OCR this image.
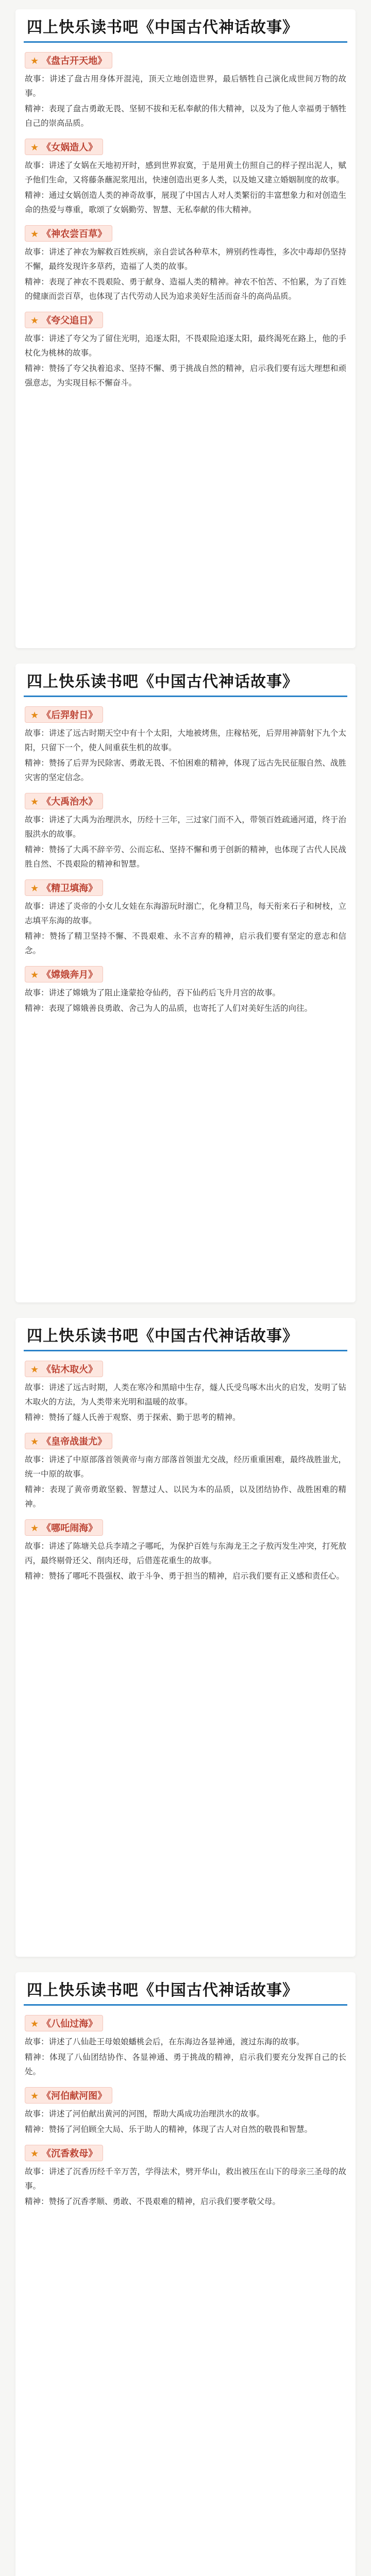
四上快乐读书吧《中国古代神话故事》
★ 《盘古开天地》
故事：讲述了盘古用身体开混沌，顶天立地创造世界，最后牺牲自己演化成世间万物的故事。
精神：表现了盘古勇敢无畏、坚韧不拔和无私奉献的伟大精神，以及为了他人幸福勇于牺牲自己的崇高品质。
★ 《女娲造人》
故事：讲述了女娲在天地初开时，感到世界寂寞，于是用黄土仿照自己的样子捏出泥人，赋予他们生命，又将藤条蘸泥浆甩出，快速创造出更多人类，以及她又建立婚姻制度的故事。
精神：通过女娲创造人类的神奇故事，展现了中国古人对人类繁衍的丰富想象力和对创造生命的热爱与尊重，歌颂了女娲勤劳、智慧、无私奉献的伟大精神。
★ 《神农尝百草》
故事：讲述了神农为解救百姓疾病，亲自尝试各种草木，辨别药性毒性，多次中毒却仍坚持不懈，最终发现许多草药，造福了人类的故事。
精神：表现了神农不畏艰险、勇于献身、造福人类的精神。神农不怕苦、不怕累，为了百姓的健康而尝百草，也体现了古代劳动人民为追求美好生活而奋斗的高尚品质。
★ 《夸父追日》
故事：讲述了夸父为了留住光明，追逐太阳，不畏艰险追逐太阳，最终渴死在路上，他的手杖化为桃林的故事。
精神：赞扬了夸父执着追求、坚持不懈、勇于挑战自然的精神，启示我们要有远大理想和顽强意志，为实现目标不懈奋斗。
四上快乐读书吧《中国古代神话故事》
★ 《后羿射日》
故事：讲述了远古时期天空中有十个太阳，大地被烤焦，庄稼枯死，后羿用神箭射下九个太阳，只留下一个，使人间重获生机的故事。
精神：赞扬了后羿为民除害、勇敢无畏、不怕困难的精神，体现了远古先民征服自然、战胜灾害的坚定信念。
★ 《大禹治水》
故事：讲述了大禹为治理洪水，历经十三年，三过家门而不入，带领百姓疏通河道，终于治服洪水的故事。
精神：赞扬了大禹不辞辛劳、公而忘私、坚持不懈和勇于创新的精神，也体现了古代人民战胜自然、不畏艰险的精神和智慧。
★ 《精卫填海》
故事：讲述了炎帝的小女儿女娃在东海游玩时溺亡，化身精卫鸟，每天衔来石子和树枝，立志填平东海的故事。
精神：赞扬了精卫坚持不懈、不畏艰难、永不言弃的精神，启示我们要有坚定的意志和信念。
★ 《嫦娥奔月》
故事：讲述了嫦娥为了阻止逢蒙抢夺仙药，吞下仙药后飞升月宫的故事。
精神：表现了嫦娥善良勇敢、舍己为人的品质，也寄托了人们对美好生活的向往。
四上快乐读书吧《中国古代神话故事》
★ 《钻木取火》
故事：讲述了远古时期，人类在寒冷和黑暗中生存，燧人氏受鸟啄木出火的启发，发明了钻木取火的方法，为人类带来光明和温暖的故事。
精神：赞扬了燧人氏善于观察、勇于探索、勤于思考的精神。
★ 《皇帝战蚩尤》
故事：讲述了中原部落首领黄帝与南方部落首领蚩尤交战，经历重重困难，最终战胜蚩尤，统一中原的故事。
精神：表现了黄帝勇敢坚毅、智慧过人、以民为本的品质，以及团结协作、战胜困难的精神。
★ 《哪吒闹海》
故事：讲述了陈塘关总兵李靖之子哪吒，为保护百姓与东海龙王之子敖丙发生冲突，打死敖丙，最终剔骨还父、削肉还母，后借莲花重生的故事。
精神：赞扬了哪吒不畏强权、敢于斗争、勇于担当的精神，启示我们要有正义感和责任心。
四上快乐读书吧《中国古代神话故事》
★ 《八仙过海》
故事：讲述了八仙赴王母娘娘蟠桃会后，在东海边各显神通，渡过东海的故事。
精神：体现了八仙团结协作、各显神通、勇于挑战的精神，启示我们要充分发挥自己的长处。
★ 《河伯献河图》
故事：讲述了河伯献出黄河的河图，帮助大禹成功治理洪水的故事。
精神：赞扬了河伯顾全大局、乐于助人的精神，体现了古人对自然的敬畏和智慧。
★ 《沉香救母》
故事：讲述了沉香历经千辛万苦，学得法术，劈开华山，救出被压在山下的母亲三圣母的故事。
精神：赞扬了沉香孝顺、勇敢、不畏艰难的精神，启示我们要孝敬父母。
